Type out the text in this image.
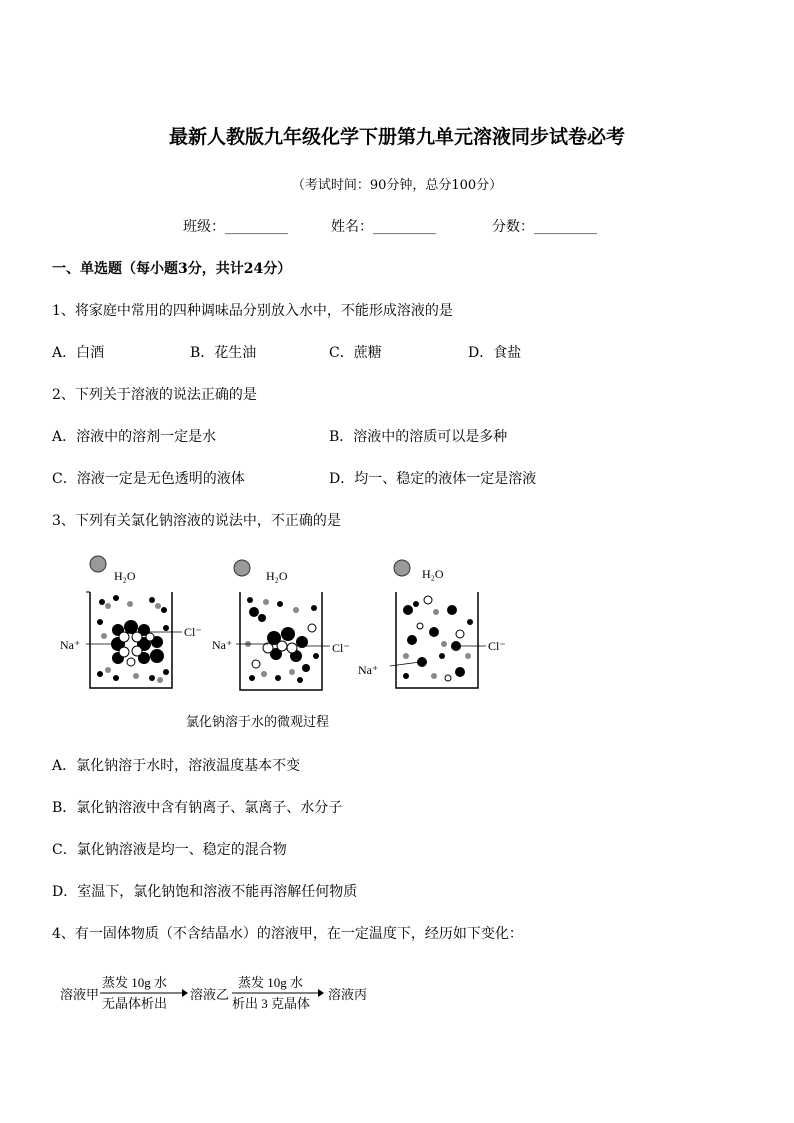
最新人教版九年级化学下册第九单元溶液同步试卷必考
（考试时间：90分钟，总分100分）
班级：_________	姓名：_________	分数：_________
一、单选题（每小题3分，共计24分）
1、将家庭中常用的四种调味品分别放入水中，不能形成溶液的是
A．白酒	B．花生油	C．蔗糖	D．食盐
2、下列关于溶液的说法正确的是
A．溶液中的溶剂一定是水	B．溶液中的溶质可以是多种
C．溶液一定是无色透明的液体	D．均一、稳定的液体一定是溶液
3、下列有关氯化钠溶液的说法中，不正确的是
H₂O
Na⁺
Cl⁻
H₂O
Na⁺	Cl⁻
H₂O
Na⁺
Cl⁻
氯化钠溶于水的微观过程
A．氯化钠溶于水时，溶液温度基本不变
B．氯化钠溶液中含有钠离子、氯离子、水分子
C．氯化钠溶液是均一、稳定的混合物
D．室温下，氯化钠饱和溶液不能再溶解任何物质
4、有一固体物质（不含结晶水）的溶液甲，在一定温度下，经历如下变化：
溶液甲
蒸发 10g 水
无晶体析出
溶液乙
蒸发 10g 水
析出 3 克晶体
溶液丙
